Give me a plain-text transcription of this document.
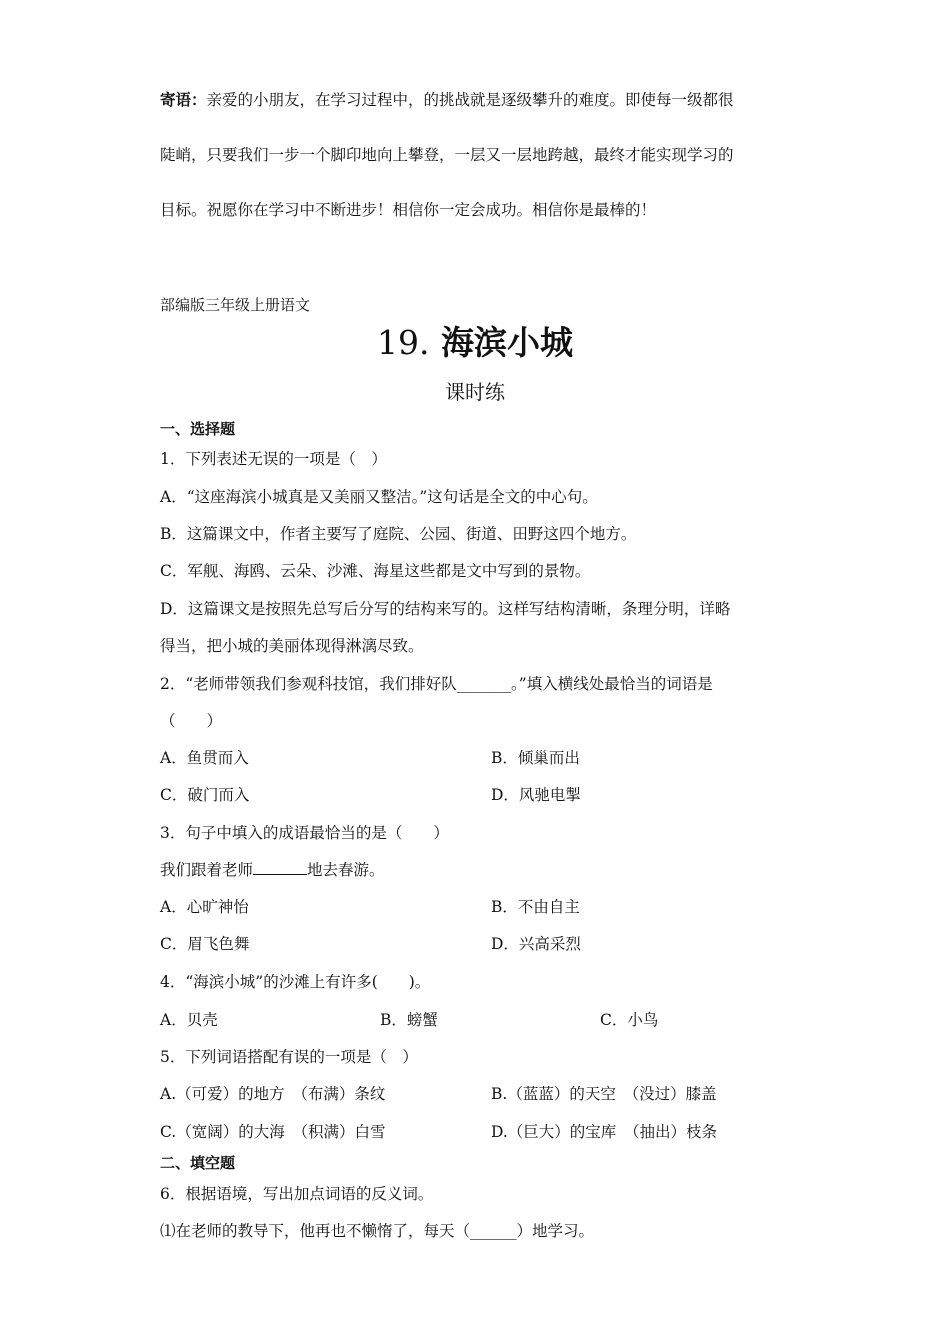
寄语：亲爱的小朋友，在学习过程中，的挑战就是逐级攀升的难度。即使每一级都很
陡峭，只要我们一步一个脚印地向上攀登，一层又一层地跨越，最终才能实现学习的
目标。祝愿你在学习中不断进步！相信你一定会成功。相信你是最棒的！
部编版三年级上册语文
19. 海滨小城
课时练
一、选择题
1．下列表述无误的一项是（　）
A．“这座海滨小城真是又美丽又整洁。”这句话是全文的中心句。
B．这篇课文中，作者主要写了庭院、公园、街道、田野这四个地方。
C．军舰、海鸥、云朵、沙滩、海星这些都是文中写到的景物。
D．这篇课文是按照先总写后分写的结构来写的。这样写结构清晰，条理分明，详略
得当，把小城的美丽体现得淋漓尽致。
2．“老师带领我们参观科技馆，我们排好队_______。”填入横线处最恰当的词语是
（　　）
A．鱼贯而入	B．倾巢而出
C．破门而入	D．风驰电掣
3．句子中填入的成语最恰当的是（　　）
我们跟着老师	地去春游。
A．心旷神怡	B．不由自主
C．眉飞色舞	D．兴高采烈
4．“海滨小城”的沙滩上有许多(　　)。
A．贝壳	B．螃蟹	C．小鸟
5．下列词语搭配有误的一项是（　）
A.（可爱）的地方　（布满）条纹	B.（蓝蓝）的天空　（没过）膝盖
C.（宽阔）的大海　（积满）白雪	D.（巨大）的宝库　（抽出）枝条
二、填空题
6．根据语境，写出加点词语的反义词。
⑴在老师的教导下，他再也不懒惰了，每天（______）地学习。
